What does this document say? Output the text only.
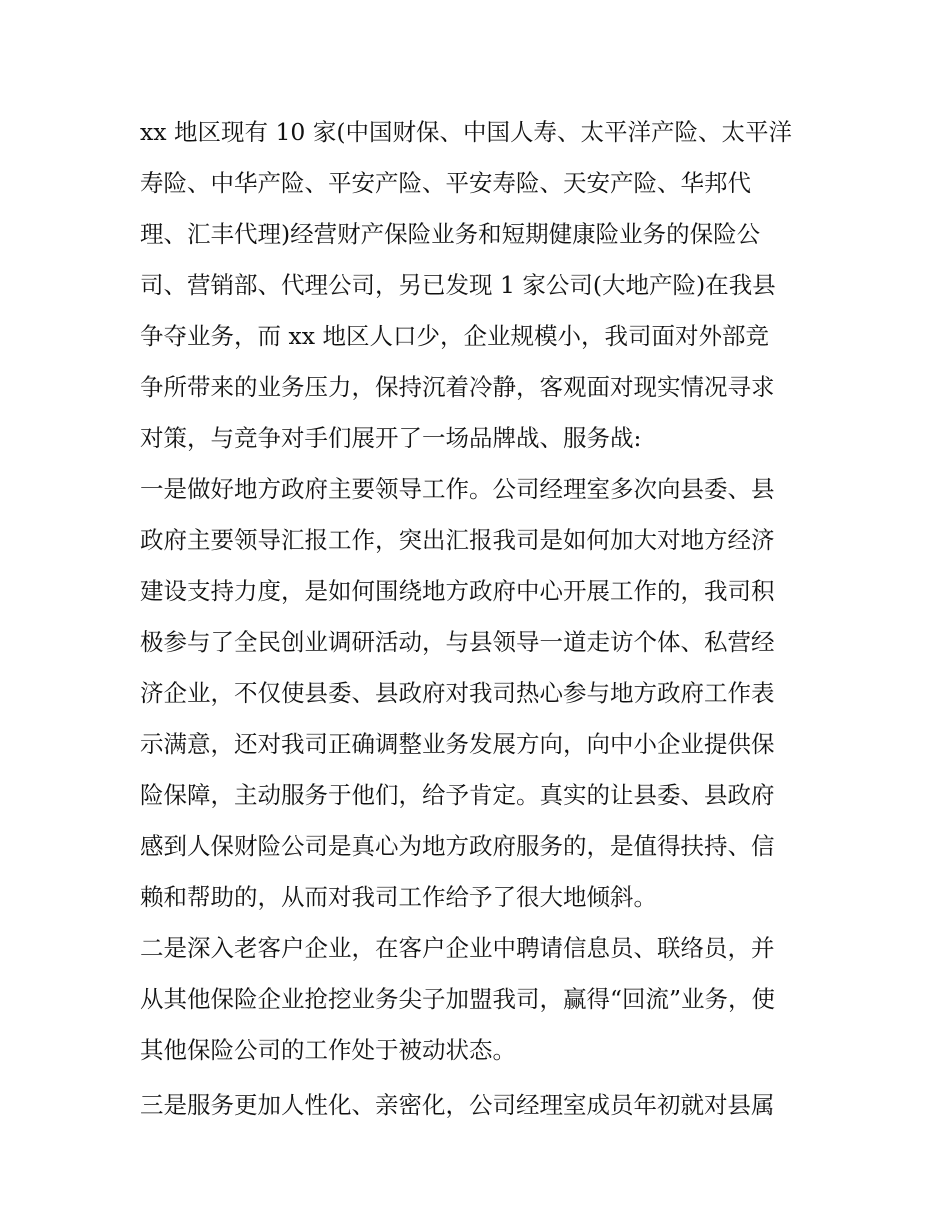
xx 地区现有 10 家(中国财保、中国人寿、太平洋产险、太平洋
寿险、中华产险、平安产险、平安寿险、天安产险、华邦代
理、汇丰代理)经营财产保险业务和短期健康险业务的保险公
司、营销部、代理公司，另已发现 1 家公司(大地产险)在我县
争夺业务，而 xx 地区人口少，企业规模小，我司面对外部竞
争所带来的业务压力，保持沉着冷静，客观面对现实情况寻求
对策，与竞争对手们展开了一场品牌战、服务战:
一是做好地方政府主要领导工作。公司经理室多次向县委、县
政府主要领导汇报工作，突出汇报我司是如何加大对地方经济
建设支持力度，是如何围绕地方政府中心开展工作的，我司积
极参与了全民创业调研活动，与县领导一道走访个体、私营经
济企业，不仅使县委、县政府对我司热心参与地方政府工作表
示满意，还对我司正确调整业务发展方向，向中小企业提供保
险保障，主动服务于他们，给予肯定。真实的让县委、县政府
感到人保财险公司是真心为地方政府服务的，是值得扶持、信
赖和帮助的，从而对我司工作给予了很大地倾斜。
二是深入老客户企业，在客户企业中聘请信息员、联络员，并
从其他保险企业抢挖业务尖子加盟我司，赢得“回流”业务，使
其他保险公司的工作处于被动状态。
三是服务更加人性化、亲密化，公司经理室成员年初就对县属
